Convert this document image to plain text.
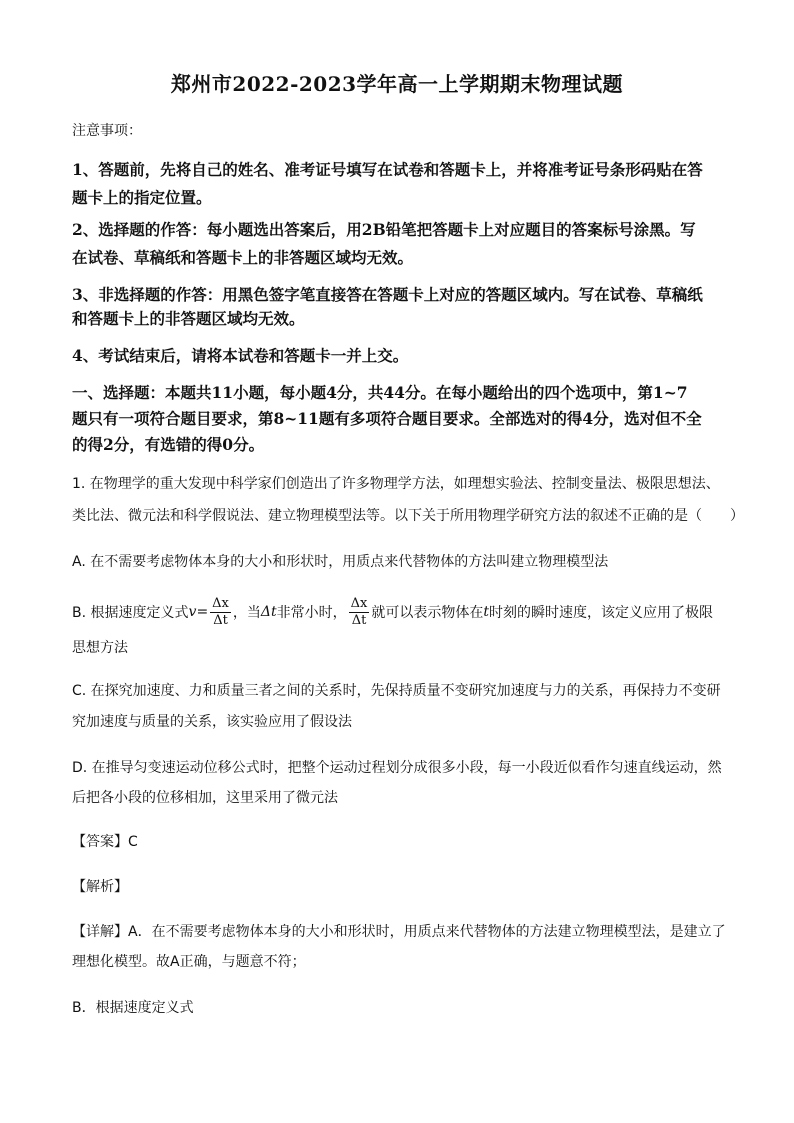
郑州市2022-2023学年高一上学期期末物理试题
注意事项：
1、答题前，先将自己的姓名、准考证号填写在试卷和答题卡上，并将准考证号条形码贴在答
题卡上的指定位置。
2、选择题的作答：每小题选出答案后，用2B铅笔把答题卡上对应题目的答案标号涂黑。写
在试卷、草稿纸和答题卡上的非答题区域均无效。
3、非选择题的作答：用黑色签字笔直接答在答题卡上对应的答题区域内。写在试卷、草稿纸
和答题卡上的非答题区域均无效。
4、考试结束后，请将本试卷和答题卡一并上交。
一、选择题：本题共11小题，每小题4分，共44分。在每小题给出的四个选项中，第1~7
题只有一项符合题目要求，第8~11题有多项符合题目要求。全部选对的得4分，选对但不全
的得2分，有选错的得0分。
1. 在物理学的重大发现中科学家们创造出了许多物理学方法，如理想实验法、控制变量法、极限思想法、
类比法、微元法和科学假说法、建立物理模型法等。以下关于所用物理学研究方法的叙述不正确的是（　　）
A. 在不需要考虑物体本身的大小和形状时，用质点来代替物体的方法叫建立物理模型法
B. 根据速度定义式 $v = \frac{\Delta x}{\Delta t}$ ，当 Δt 非常小时， $\frac{\Delta x}{\Delta t}$ 就可以表示物体在 t 时刻的瞬时速度，该定义应用了极限
思想方法
C. 在探究加速度、力和质量三者之间的关系时，先保持质量不变研究加速度与力的关系，再保持力不变研
究加速度与质量的关系，该实验应用了假设法
D. 在推导匀变速运动位移公式时，把整个运动过程划分成很多小段，每一小段近似看作匀速直线运动，然
后把各小段的位移相加，这里采用了微元法
【答案】C
【解析】
【详解】A．在不需要考虑物体本身的大小和形状时，用质点来代替物体的方法建立物理模型法，是建立了
理想化模型。故A正确，与题意不符；
B．根据速度定义式
